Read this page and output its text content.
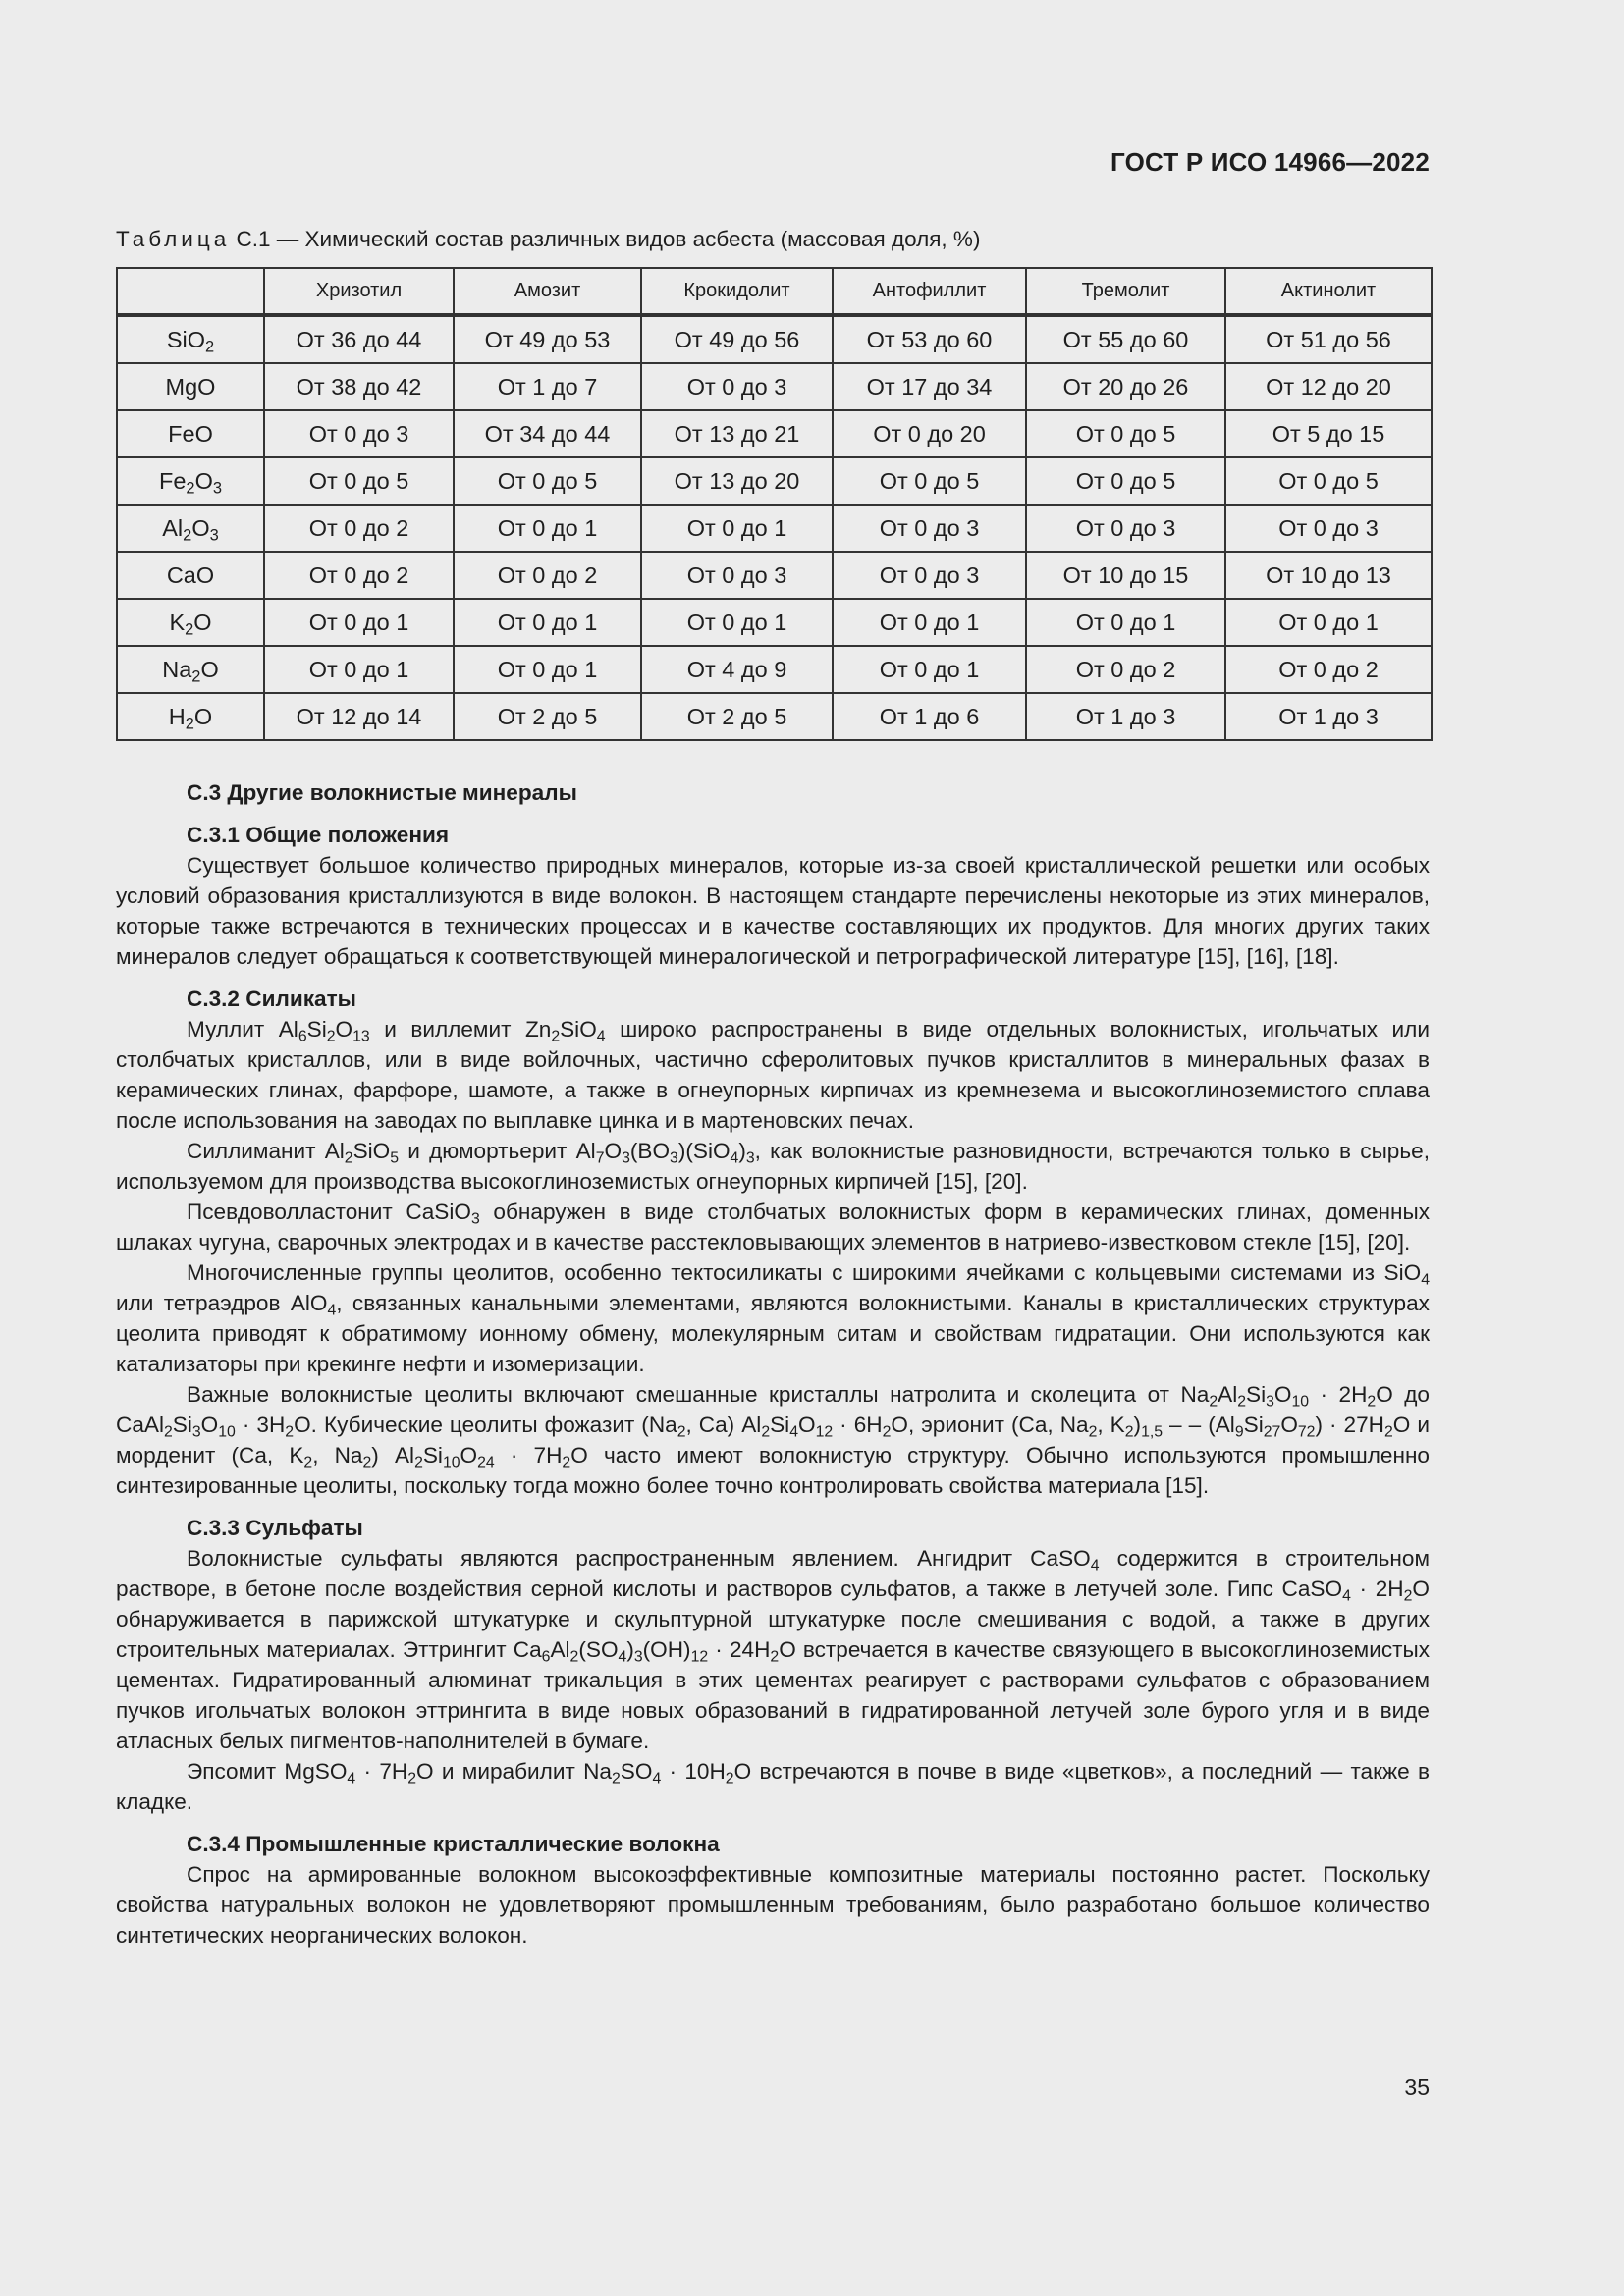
ГОСТ Р ИСО 14966—2022
Таблица С.1 — Химический состав различных видов асбеста (массовая доля, %)
	Хризотил	Амозит	Крокидолит	Антофиллит	Тремолит	Актинолит
SiO$_2$	От 36 до 44	От 49 до 53	От 49 до 56	От 53 до 60	От 55 до 60	От 51 до 56
MgO	От 38 до 42	От 1 до 7	От 0 до 3	От 17 до 34	От 20 до 26	От 12 до 20
FeO	От 0 до 3	От 34 до 44	От 13 до 21	От 0 до 20	От 0 до 5	От 5 до 15
$Fe_2O_3$	От 0 до 5	От 0 до 5	От 13 до 20	От 0 до 5	От 0 до 5	От 0 до 5
$Al_2O_3$	От 0 до 2	От 0 до 1	От 0 до 1	От 0 до 3	От 0 до 3	От 0 до 3
CaO	От 0 до 2	От 0 до 2	От 0 до 3	От 0 до 3	От 10 до 15	От 10 до 13
$K_2O$	От 0 до 1	От 0 до 1	От 0 до 1	От 0 до 1	От 0 до 1	От 0 до 1
$Na_2O$	От 0 до 1	От 0 до 1	От 4 до 9	От 0 до 1	От 0 до 2	От 0 до 2
$H_2O$	От 12 до 14	От 2 до 5	От 2 до 5	От 1 до 6	От 1 до 3	От 1 до 3
С.3 Другие волокнистые минералы
С.3.1 Общие положения

Существует большое количество природных минералов, которые из-за своей кристаллической решетки или особых условий образования кристаллизуются в виде волокон. В настоящем стандарте перечислены некоторые из этих минералов, которые также встречаются в технических процессах и в качестве составляющих их продуктов. Для многих других таких минералов следует обращаться к соответствующей минералогической и петрографической литературе [15], [16], [18].

С.3.2 Силикаты

Муллит $Al_6Si_2O_{13}$ и виллемит $Zn_2SiO_4$ широко распространены в виде отдельных волокнистых, игольчатых или столбчатых кристаллов, или в виде войлочных, частично сферолитовых пучков кристаллитов в минеральных фазах в керамических глинах, фарфоре, шамоте, а также в огнеупорных кирпичах из кремнезема и высокоглиноземистого сплава после использования на заводах по выплавке цинка и в мартеновских печах.

Силлиманит $Al_2SiO_5$ и дюмортьерит $Al_7O_3(BO_3)(SiO_4)_3$, как волокнистые разновидности, встречаются только в сырье, используемом для производства высокоглиноземистых огнеупорных кирпичей [15], [20].

Псевдоволластонит CaSiO$_3$ обнаружен в виде столбчатых волокнистых форм в керамических глинах, доменных шлаках чугуна, сварочных электродах и в качестве расстекловывающих элементов в натриево-известковом стекле [15], [20].

Многочисленные группы цеолитов, особенно тектосиликаты с широкими ячейками с кольцевыми системами из SiO$_4$ или тетраэдров AlO$_4$, связанных канальными элементами, являются волокнистыми. Каналы в кристаллических структурах цеолита приводят к обратимому ионному обмену, молекулярным ситам и свойствам гидратации. Они используются как катализаторы при крекинге нефти и изомеризации.

Важные волокнистые цеолиты включают смешанные кристаллы натролита и сколецита от $Na_2Al_2Si_3O_{10} \cdot 2H_2O$ до $CaAl_2Si_3O_{10} \cdot 3H_2O$. Кубические цеолиты фожазит ($Na_2$, Ca) $Al_2Si_4O_{12} \cdot 6H_2O$, эрионит (Ca, $Na_2$, $K_2)_{1,5}$ – – $(Al_9Si_{27}O_{72}) \cdot 27H_2O$ и морденит (Ca, $K_2$, $Na_2$) $Al_2Si_{10}O_{24} \cdot 7H_2O$ часто имеют волокнистую структуру. Обычно используются промышленно синтезированные цеолиты, поскольку тогда можно более точно контролировать свойства материала [15].

С.3.3 Сульфаты

Волокнистые сульфаты являются распространенным явлением. Ангидрит CaSO$_4$ содержится в строительном растворе, в бетоне после воздействия серной кислоты и растворов сульфатов, а также в летучей золе. Гипс CaSO$_4$ · $2H_2O$ обнаруживается в парижской штукатурке и скульптурной штукатурке после смешивания с водой, а также в других строительных материалах. Эттрингит $Ca_6Al_2(SO_4)_3(OH)_{12} \cdot 24H_2O$ встречается в качестве связующего в высокоглиноземистых цементах. Гидратированный алюминат трикальция в этих цементах реагирует с растворами сульфатов с образованием пучков игольчатых волокон эттрингита в виде новых образований в гидратированной летучей золе бурого угля и в виде атласных белых пигментов-наполнителей в бумаге.

Эпсомит MgSO$_4$ · $7H_2O$ и мирабилит $Na_2SO_4 \cdot 10H_2O$ встречаются в почве в виде «цветков», а последний — также в кладке.

С.3.4 Промышленные кристаллические волокна

Спрос на армированные волокном высокоэффективные композитные материалы постоянно растет. Поскольку свойства натуральных волокон не удовлетворяют промышленным требованиям, было разработано большое количество синтетических неорганических волокон.

35
